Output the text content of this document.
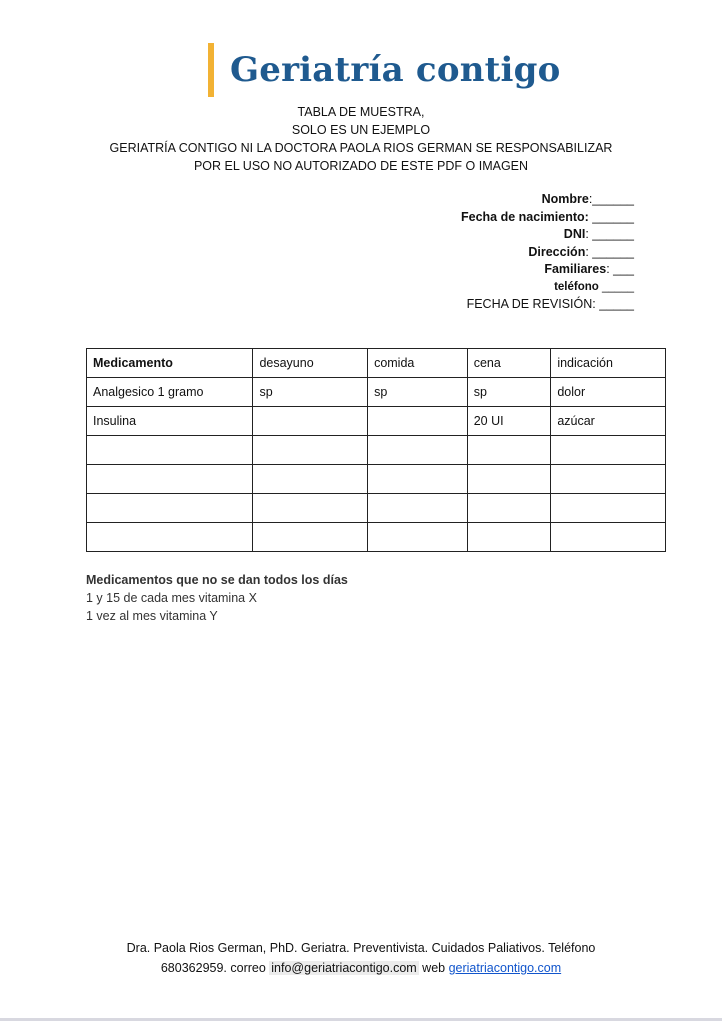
Geriatría contigo
TABLA DE MUESTRA,
SOLO ES UN EJEMPLO
GERIATRÍA CONTIGO NI LA DOCTORA PAOLA RIOS GERMAN SE RESPONSABILIZAR
POR EL USO NO AUTORIZADO DE ESTE PDF O IMAGEN
Nombre:______
Fecha de nacimiento: ______
DNI: ______
Dirección: ______
Familiares: ___
teléfono _____
FECHA DE REVISIÓN: _____
Medicamento	desayuno	comida	cena	indicación
Analgesico 1 gramo	sp	sp	sp	dolor
Insulina			20 UI	azúcar

Medicamentos que no se dan todos los días
1 y 15 de cada mes vitamina X
1 vez al mes vitamina Y
Dra. Paola Rios German, PhD. Geriatra. Preventivista. Cuidados Paliativos. Teléfono
680362959. correo info@geriatriacontigo.com web geriatriacontigo.com
